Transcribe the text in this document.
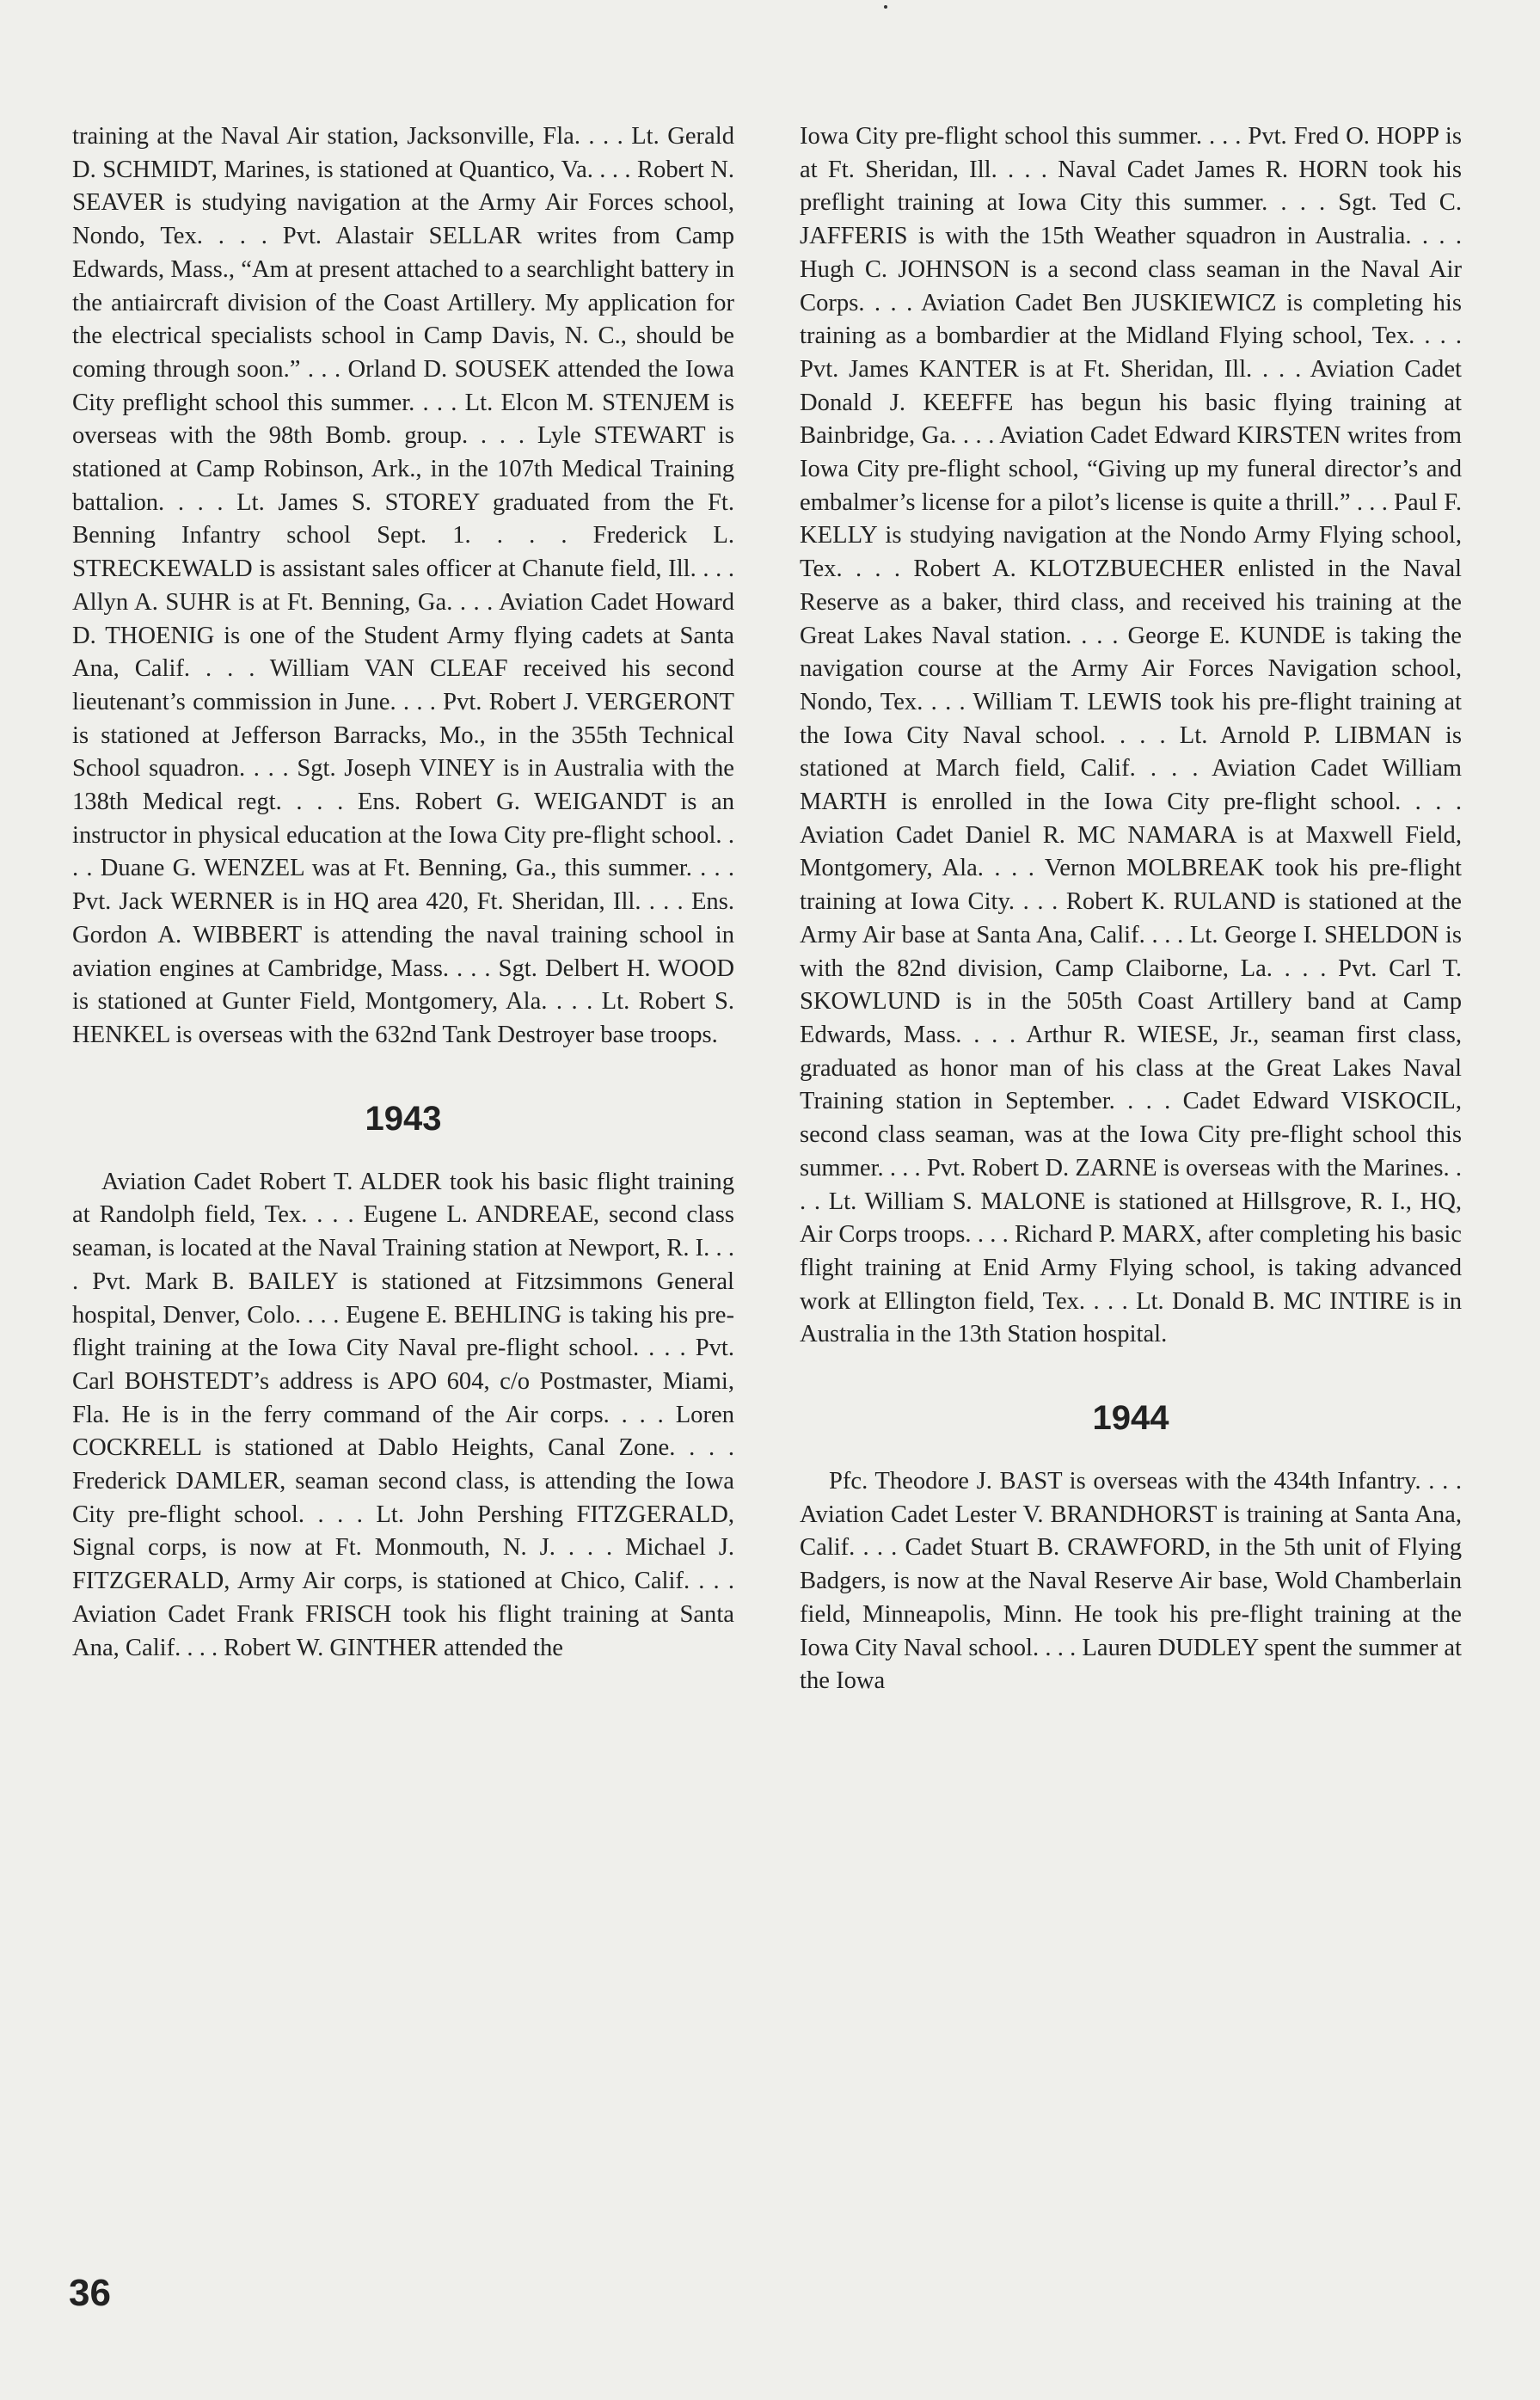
training at the Naval Air station, Jacksonville, Fla. . . . Lt. Gerald D. SCHMIDT, Marines, is stationed at Quantico, Va. . . . Robert N. SEAVER is studying navigation at the Army Air Forces school, Nondo, Tex. . . . Pvt. Alastair SELLAR writes from Camp Edwards, Mass., “Am at present attached to a searchlight battery in the antiaircraft division of the Coast Artillery. My application for the electrical specialists school in Camp Davis, N. C., should be coming through soon.” . . . Orland D. SOUSEK attended the Iowa City preflight school this summer. . . . Lt. Elcon M. STENJEM is overseas with the 98th Bomb. group. . . . Lyle STEWART is stationed at Camp Robinson, Ark., in the 107th Medical Training battalion. . . . Lt. James S. STOREY graduated from the Ft. Benning Infantry school Sept. 1. . . . Frederick L. STRECKEWALD is assistant sales officer at Chanute field, Ill. . . . Allyn A. SUHR is at Ft. Benning, Ga. . . . Aviation Cadet Howard D. THOENIG is one of the Student Army flying cadets at Santa Ana, Calif. . . . William VAN CLEAF received his second lieutenant’s commission in June. . . . Pvt. Robert J. VERGERONT is stationed at Jefferson Barracks, Mo., in the 355th Technical School squadron. . . . Sgt. Joseph VINEY is in Australia with the 138th Medical regt. . . . Ens. Robert G. WEIGANDT is an instructor in physical education at the Iowa City pre-flight school. . . . Duane G. WENZEL was at Ft. Benning, Ga., this summer. . . . Pvt. Jack WERNER is in HQ area 420, Ft. Sheridan, Ill. . . . Ens. Gordon A. WIBBERT is attending the naval training school in aviation engines at Cambridge, Mass. . . . Sgt. Delbert H. WOOD is stationed at Gunter Field, Montgomery, Ala. . . . Lt. Robert S. HENKEL is overseas with the 632nd Tank Destroyer base troops.

1943

Aviation Cadet Robert T. ALDER took his basic flight training at Randolph field, Tex. . . . Eugene L. ANDREAE, second class seaman, is located at the Naval Training station at Newport, R. I. . . . Pvt. Mark B. BAILEY is stationed at Fitzsimmons General hospital, Denver, Colo. . . . Eugene E. BEHLING is taking his pre-flight training at the Iowa City Naval pre-flight school. . . . Pvt. Carl BOHSTEDT’s address is APO 604, c/o Postmaster, Miami, Fla. He is in the ferry command of the Air corps. . . . Loren COCKRELL is stationed at Dablo Heights, Canal Zone. . . . Frederick DAMLER, seaman second class, is attending the Iowa City pre-flight school. . . . Lt. John Pershing FITZGERALD, Signal corps, is now at Ft. Monmouth, N. J. . . . Michael J. FITZGERALD, Army Air corps, is stationed at Chico, Calif. . . . Aviation Cadet Frank FRISCH took his flight training at Santa Ana, Calif. . . . Robert W. GINTHER attended the

Iowa City pre-flight school this summer. . . . Pvt. Fred O. HOPP is at Ft. Sheridan, Ill. . . . Naval Cadet James R. HORN took his preflight training at Iowa City this summer. . . . Sgt. Ted C. JAFFERIS is with the 15th Weather squadron in Australia. . . . Hugh C. JOHNSON is a second class seaman in the Naval Air Corps. . . . Aviation Cadet Ben JUSKIEWICZ is completing his training as a bombardier at the Midland Flying school, Tex. . . . Pvt. James KANTER is at Ft. Sheridan, Ill. . . . Aviation Cadet Donald J. KEEFFE has begun his basic flying training at Bainbridge, Ga. . . . Aviation Cadet Edward KIRSTEN writes from Iowa City pre-flight school, “Giving up my funeral director’s and embalmer’s license for a pilot’s license is quite a thrill.” . . . Paul F. KELLY is studying navigation at the Nondo Army Flying school, Tex. . . . Robert A. KLOTZBUECHER enlisted in the Naval Reserve as a baker, third class, and received his training at the Great Lakes Naval station. . . . George E. KUNDE is taking the navigation course at the Army Air Forces Navigation school, Nondo, Tex. . . . William T. LEWIS took his pre-flight training at the Iowa City Naval school. . . . Lt. Arnold P. LIBMAN is stationed at March field, Calif. . . . Aviation Cadet William MARTH is enrolled in the Iowa City pre-flight school. . . . Aviation Cadet Daniel R. MC NAMARA is at Maxwell Field, Montgomery, Ala. . . . Vernon MOLBREAK took his pre-flight training at Iowa City. . . . Robert K. RULAND is stationed at the Army Air base at Santa Ana, Calif. . . . Lt. George I. SHELDON is with the 82nd division, Camp Claiborne, La. . . . Pvt. Carl T. SKOWLUND is in the 505th Coast Artillery band at Camp Edwards, Mass. . . . Arthur R. WIESE, Jr., seaman first class, graduated as honor man of his class at the Great Lakes Naval Training station in September. . . . Cadet Edward VISKOCIL, second class seaman, was at the Iowa City pre-flight school this summer. . . . Pvt. Robert D. ZARNE is overseas with the Marines. . . . Lt. William S. MALONE is stationed at Hillsgrove, R. I., HQ, Air Corps troops. . . . Richard P. MARX, after completing his basic flight training at Enid Army Flying school, is taking advanced work at Ellington field, Tex. . . . Lt. Donald B. MC INTIRE is in Australia in the 13th Station hospital.

1944

Pfc. Theodore J. BAST is overseas with the 434th Infantry. . . . Aviation Cadet Lester V. BRANDHORST is training at Santa Ana, Calif. . . . Cadet Stuart B. CRAWFORD, in the 5th unit of Flying Badgers, is now at the Naval Reserve Air base, Wold Chamberlain field, Minneapolis, Minn. He took his pre-flight training at the Iowa City Naval school. . . . Lauren DUDLEY spent the summer at the Iowa

36
